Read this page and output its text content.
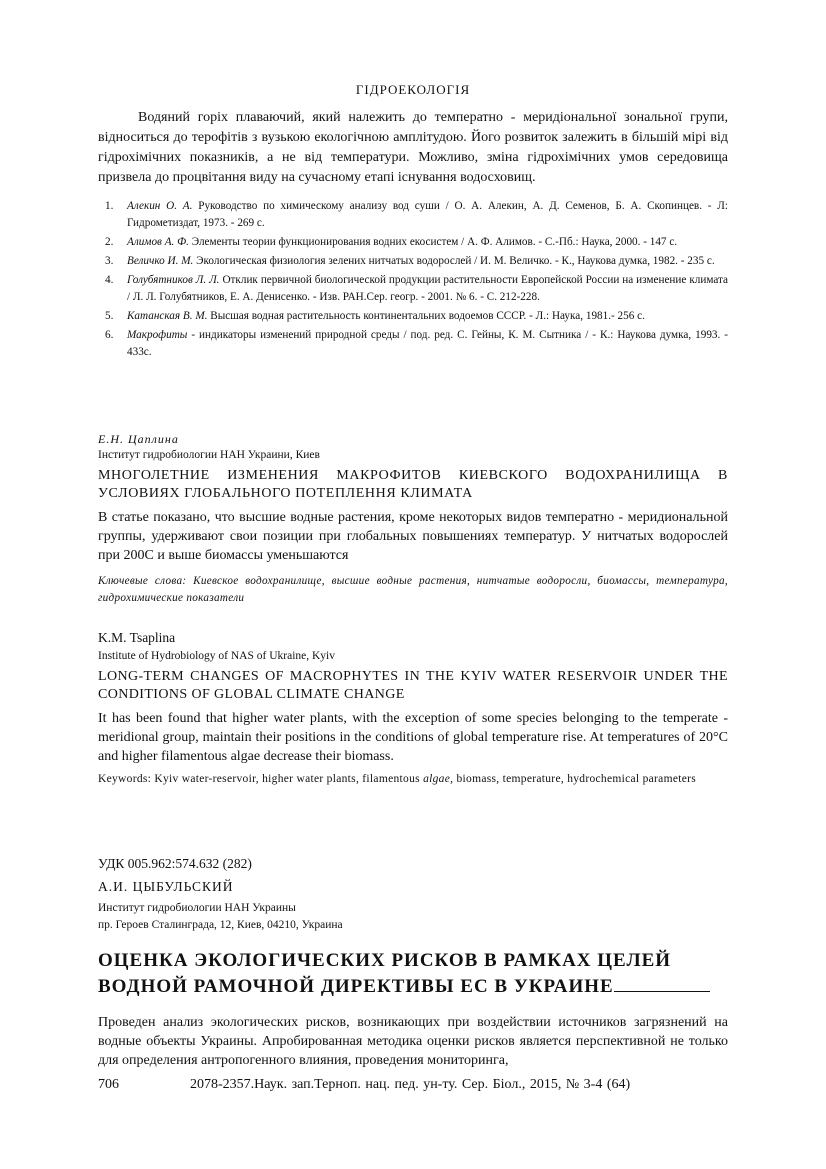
ГІДРОЕКОЛОГІЯ
Водяний горіх плаваючий, який належить до температно - меридіональної зональної групи, відноситься до терофітів з вузькою екологічною амплітудою. Його розвиток залежить в більшій мірі від гідрохімічних показників, а не від температури. Можливо, зміна гідрохімічних умов середовища призвела до процвітання виду на сучасному етапі існування водосховищ.
1. Алекин О. А. Руководство по химическому анализу вод суши / О. А. Алекин, А. Д. Семенов, Б. А. Скопинцев. - Л: Гидрометиздат, 1973. - 269 с.
2. Алимов А. Ф. Элементы теории функционирования водних екосистем / А. Ф. Алимов. - С.-Пб.: Наука, 2000. - 147 с.
3. Величко И. М. Экологическая физиология зелених нитчатых водорослей / И. М. Величко. - К., Наукова думка, 1982. - 235 с.
4. Голубятников Л. Л. Отклик первичной биологической продукции растительности Европейской России на изменение климата / Л. Л. Голубятников, Е. А. Денисенко. - Изв. РАН.Сер. геогр. - 2001. № 6. - С. 212-228.
5. Катанская В. М. Высшая водная растительность континентальних водоемов СССР. - Л.: Наука, 1981.- 256 с.
6. Макрофиты - индикаторы изменений природной среды / под. ред. С. Гейны, К. М. Сытника / - К.: Наукова думка, 1993. - 433с.
Е.Н. Цаплина
Інститут гидробиологии НАН Украини, Киев
МНОГОЛЕТНИЕ ИЗМЕНЕНИЯ МАКРОФИТОВ КИЕВСКОГО ВОДОХРАНИЛИЩА В УСЛОВИЯХ ГЛОБАЛЬНОГО ПОТЕПЛЕННЯ КЛИМАТА
В статье показано, что высшие водные растения, кроме некоторых видов температно - меридиональной группы, удерживают свои позиции при глобальных повышениях температур. У нитчатых водорослей при 200С и выше биомассы уменьшаются
Ключевые слова: Киевское водохранилище, высшие водные растения, нитчатые водоросли, биомассы, температура, гидрохимические показатели
K.M. Tsaplina
Institute of Hydrobiology of NAS of Ukraine, Kyiv
LONG-TERM CHANGES OF MACROPHYTES IN THE KYIV WATER RESERVOIR UNDER THE CONDITIONS OF GLOBAL CLIMATE CHANGE
It has been found that higher water plants, with the exception of some species belonging to the temperate - meridional group, maintain their positions in the conditions of global temperature rise. At temperatures of 20°C and higher filamentous algae decrease their biomass.
Keywords: Kyiv water-reservoir, higher water plants, filamentous algae, biomass, temperature, hydrochemical parameters
УДК 005.962:574.632 (282)
А.И. ЦЫБУЛЬСКИЙ
Институт гидробиологии НАН Украины
пр. Героев Сталинграда, 12, Киев, 04210, Украина
ОЦЕНКА ЭКОЛОГИЧЕСКИХ РИСКОВ В РАМКАХ ЦЕЛЕЙ ВОДНОЙ РАМОЧНОЙ ДИРЕКТИВЫ ЕС В УКРАИНЕ
Проведен анализ экологических рисков, возникающих при воздействии источников загрязнений на водные объекты Украины. Апробированная методика оценки рисков является перспективной не только для определения антропогенного влияния, проведения мониторинга,
706	2078-2357.Наук. зап.Терноп. нац. пед. ун-ту. Сер. Біол., 2015, № 3-4 (64)
